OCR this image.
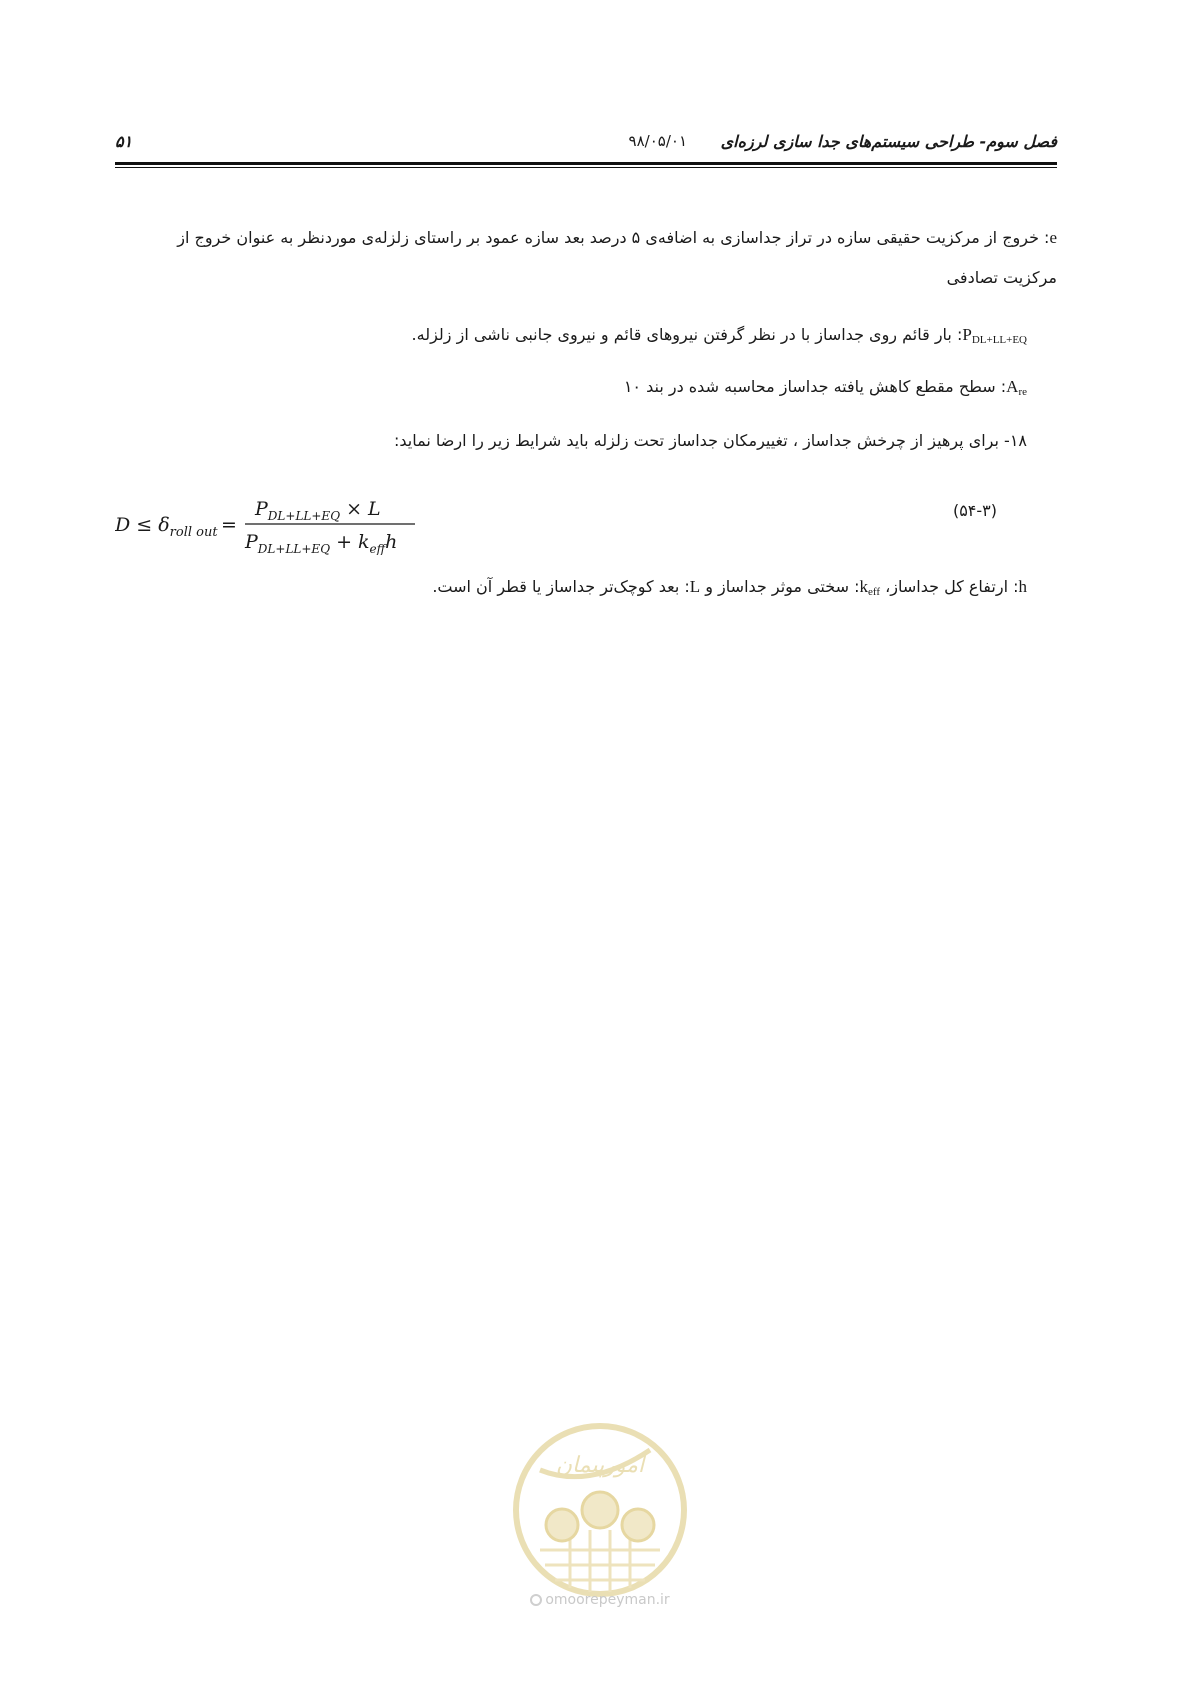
فصل سوم- طراحی سیستم‌های جدا سازی لرزه‌ای
۹۸/۰۵/۰۱
۵۱
e: خروج از مرکزیت حقیقی سازه در تراز جداسازی به اضافه‌ی ۵ درصد بعد سازه عمود بر راستای زلزله‌ی موردنظر به عنوان خروج از مرکزیت تصادفی
$P_{DL+LL+EQ}$: بار قائم روی جداساز با در نظر گرفتن نیروهای قائم و نیروی جانبی ناشی از زلزله.
$A_{re}$: سطح مقطع کاهش یافته جداساز محاسبه شده در بند ۱۰
۱۸- برای پرهیز از چرخش جداساز ، تغییرمکان جداساز تحت زلزله باید شرایط زیر را ارضا نماید:
$D \le \delta_{roll out}$ =
$P_{DL+LL+EQ} \times L$
$P_{DL+LL+EQ} + k_{eff}h$
(۵۴-۳)
h: ارتفاع کل جداساز، $k_{eff}$: سختی موثر جداساز و L: بعد کوچک‌تر جداساز یا قطر آن است.
امورپیمان
omoorepeyman.ir
